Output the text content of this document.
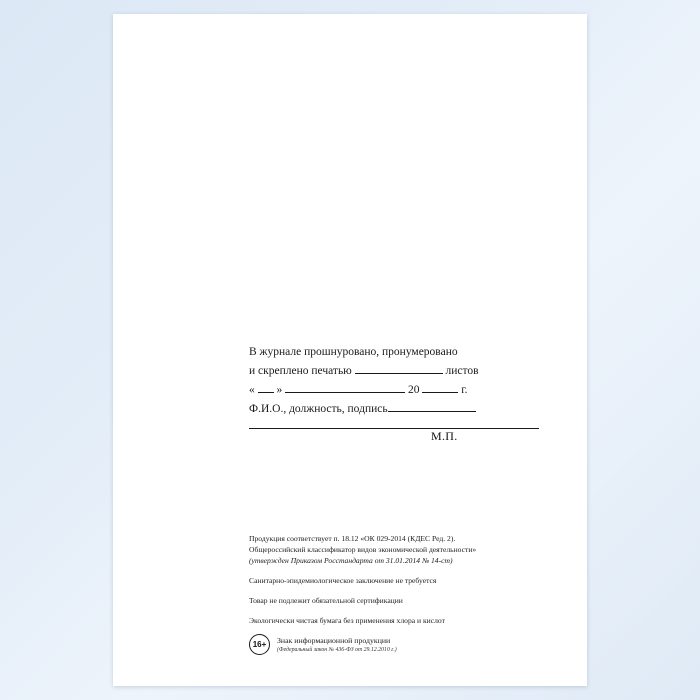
В журнале прошнуровано, пронумеровано
и скреплено печатью	листов
« »	20	г.
Ф.И.О., должность, подпись
М.П.
Продукция соответствует п. 18.12 «ОК 029-2014 (КДЕС Ред. 2).
Общероссийский классификатор видов экономической деятельности»
(утвержден Приказом Росстандарта от 31.01.2014 № 14-ст)
Санитарно-эпидемиологическое заключение не требуется
Товар не подлежит обязательной сертификации
Экологически чистая бумага без применения хлора и кислот
16+	Знак информационной продукции
(Федеральный закон № 436-ФЗ от 29.12.2010 г.)
